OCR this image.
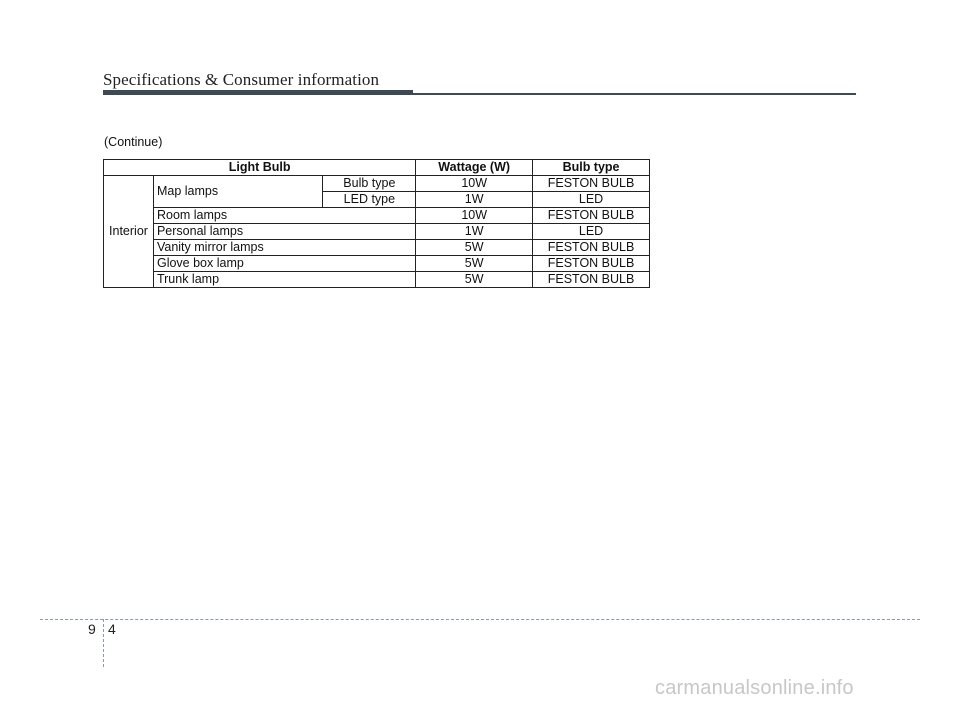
Specifications & Consumer information
(Continue)
Light Bulb			Wattage (W)	Bulb type
Interior	Map lamps	Bulb type	10W	FESTON BULB
		LED type	1W	LED
	Room lamps		10W	FESTON BULB
	Personal lamps		1W	LED
	Vanity mirror lamps		5W	FESTON BULB
	Glove box lamp		5W	FESTON BULB
	Trunk lamp		5W	FESTON BULB
9 4
carmanualsonline.info
